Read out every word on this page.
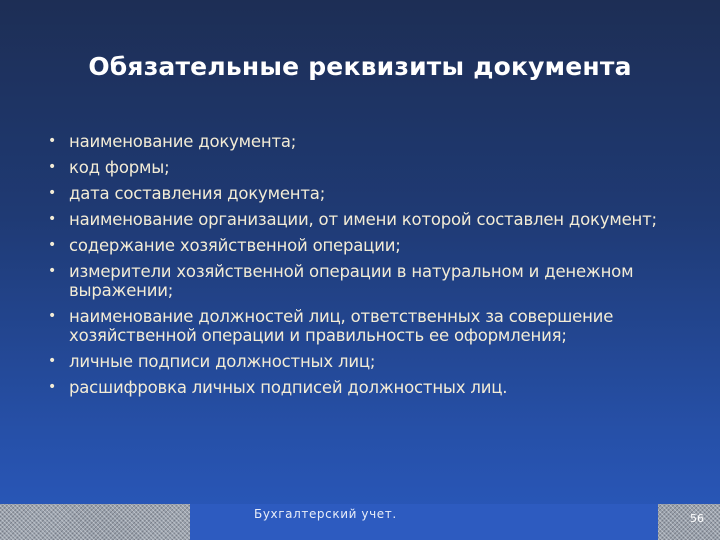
Обязательные реквизиты документа
• наименование документа;
• код формы;
• дата составления документа;
• наименование организации, от имени которой составлен документ;
• содержание хозяйственной операции;
• измерители хозяйственной операции в натуральном и денежном выражении;
• наименование должностей лиц, ответственных за совершение хозяйственной операции и правильность ее оформления;
• личные подписи должностных лиц;
• расшифровка личных подписей должностных лиц.
Бухгалтерский учет.	56
